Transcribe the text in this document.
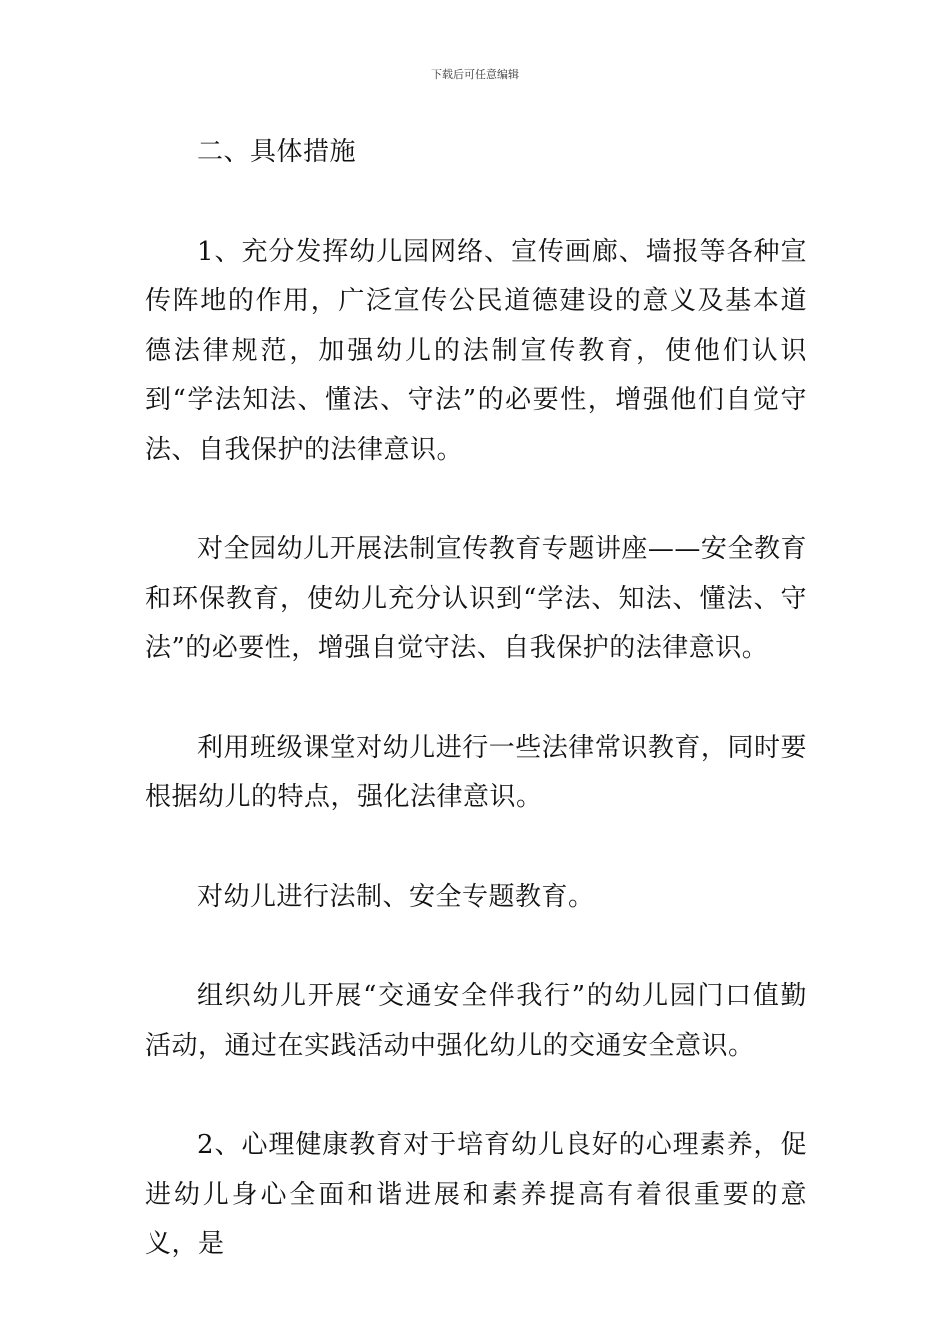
下载后可任意编辑

二、具体措施

1、充分发挥幼儿园网络、宣传画廊、墙报等各种宣传阵地的作用，广泛宣传公民道德建设的意义及基本道德法律规范，加强幼儿的法制宣传教育，使他们认识到“学法知法、懂法、守法”的必要性，增强他们自觉守法、自我保护的法律意识。

对全园幼儿开展法制宣传教育专题讲座——安全教育和环保教育，使幼儿充分认识到“学法、知法、懂法、守法”的必要性，增强自觉守法、自我保护的法律意识。

利用班级课堂对幼儿进行一些法律常识教育，同时要根据幼儿的特点，强化法律意识。

对幼儿进行法制、安全专题教育。

组织幼儿开展“交通安全伴我行”的幼儿园门口值勤活动，通过在实践活动中强化幼儿的交通安全意识。

2、心理健康教育对于培育幼儿良好的心理素养，促进幼儿身心全面和谐进展和素养提高有着很重要的意义，是
